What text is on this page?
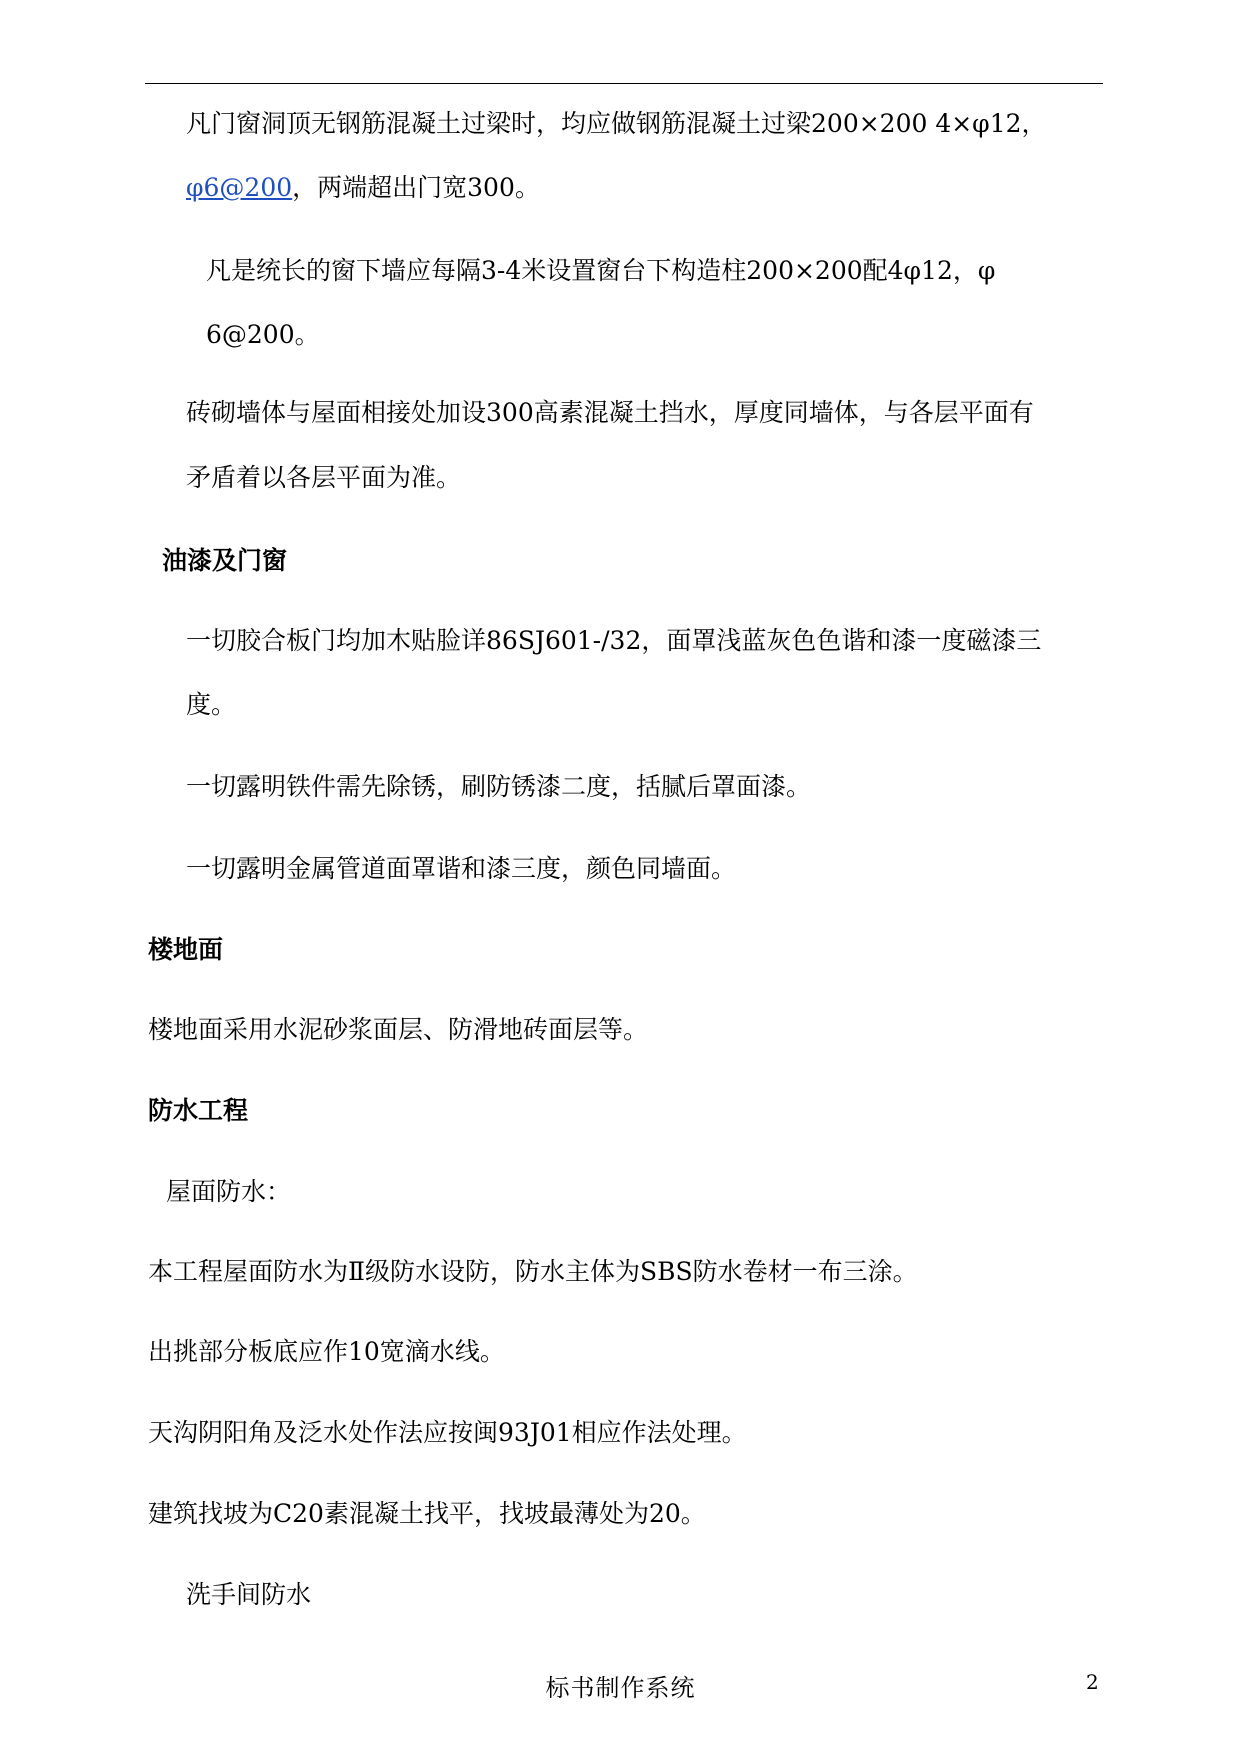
凡门窗洞顶无钢筋混凝土过梁时，均应做钢筋混凝土过梁200×200 4×φ12，
φ6@200，两端超出门宽300。
凡是统长的窗下墙应每隔3-4米设置窗台下构造柱200×200配4φ12，φ
6@200。
砖砌墙体与屋面相接处加设300高素混凝土挡水，厚度同墙体，与各层平面有
矛盾着以各层平面为准。
油漆及门窗
一切胶合板门均加木贴脸详86SJ601-/32，面罩浅蓝灰色色谐和漆一度磁漆三
度。
一切露明铁件需先除锈，刷防锈漆二度，括腻后罩面漆。
一切露明金属管道面罩谐和漆三度，颜色同墙面。
楼地面
楼地面采用水泥砂浆面层、防滑地砖面层等。
防水工程
屋面防水：
本工程屋面防水为Ⅱ级防水设防，防水主体为SBS防水卷材一布三涂。
出挑部分板底应作10宽滴水线。
天沟阴阳角及泛水处作法应按闽93J01相应作法处理。
建筑找坡为C20素混凝土找平，找坡最薄处为20。
洗手间防水
标书制作系统	2
